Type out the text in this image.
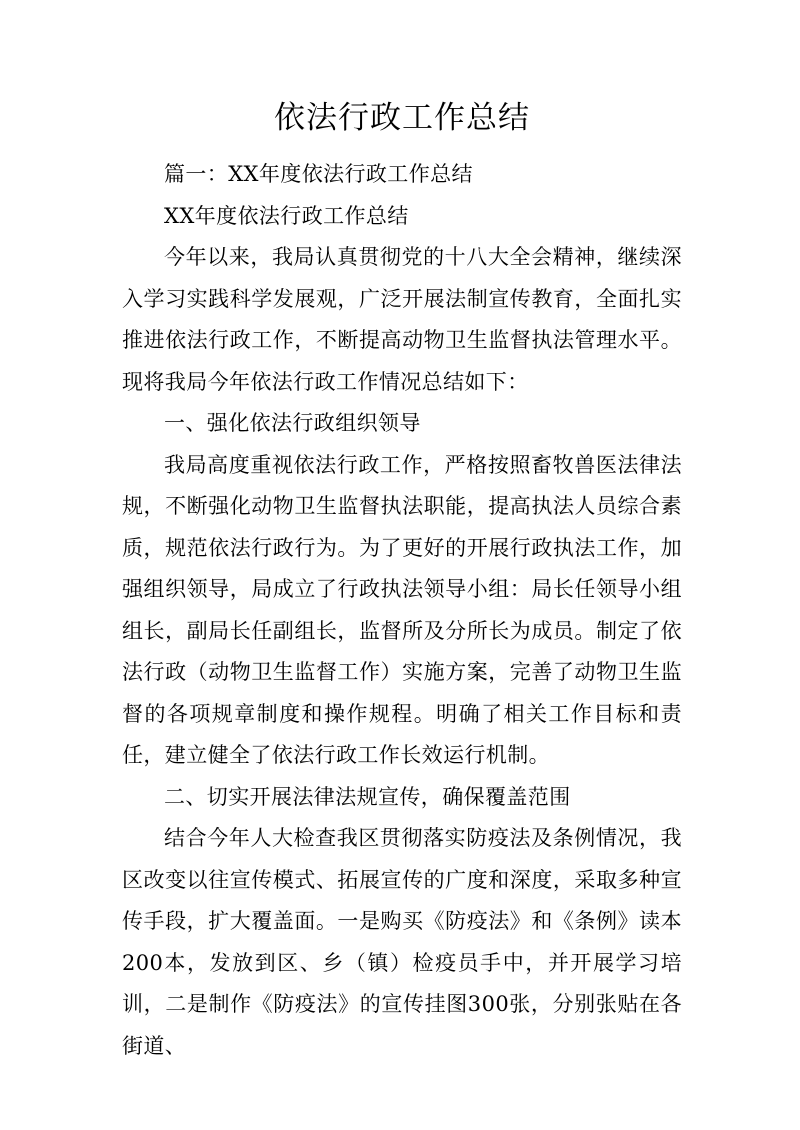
依法行政工作总结

篇一：XX年度依法行政工作总结

XX年度依法行政工作总结

今年以来，我局认真贯彻党的十八大全会精神，继续深入学习实践科学发展观，广泛开展法制宣传教育，全面扎实推进依法行政工作，不断提高动物卫生监督执法管理水平。现将我局今年依法行政工作情况总结如下：

一、强化依法行政组织领导

我局高度重视依法行政工作，严格按照畜牧兽医法律法规，不断强化动物卫生监督执法职能，提高执法人员综合素质，规范依法行政行为。为了更好的开展行政执法工作，加强组织领导，局成立了行政执法领导小组：局长任领导小组组长，副局长任副组长，监督所及分所长为成员。制定了依法行政（动物卫生监督工作）实施方案，完善了动物卫生监督的各项规章制度和操作规程。明确了相关工作目标和责任，建立健全了依法行政工作长效运行机制。

二、切实开展法律法规宣传，确保覆盖范围

结合今年人大检查我区贯彻落实防疫法及条例情况，我区改变以往宣传模式、拓展宣传的广度和深度，采取多种宣传手段，扩大覆盖面。一是购买《防疫法》和《条例》读本200本，发放到区、乡（镇）检疫员手中，并开展学习培训，二是制作《防疫法》的宣传挂图300张，分别张贴在各街道、
